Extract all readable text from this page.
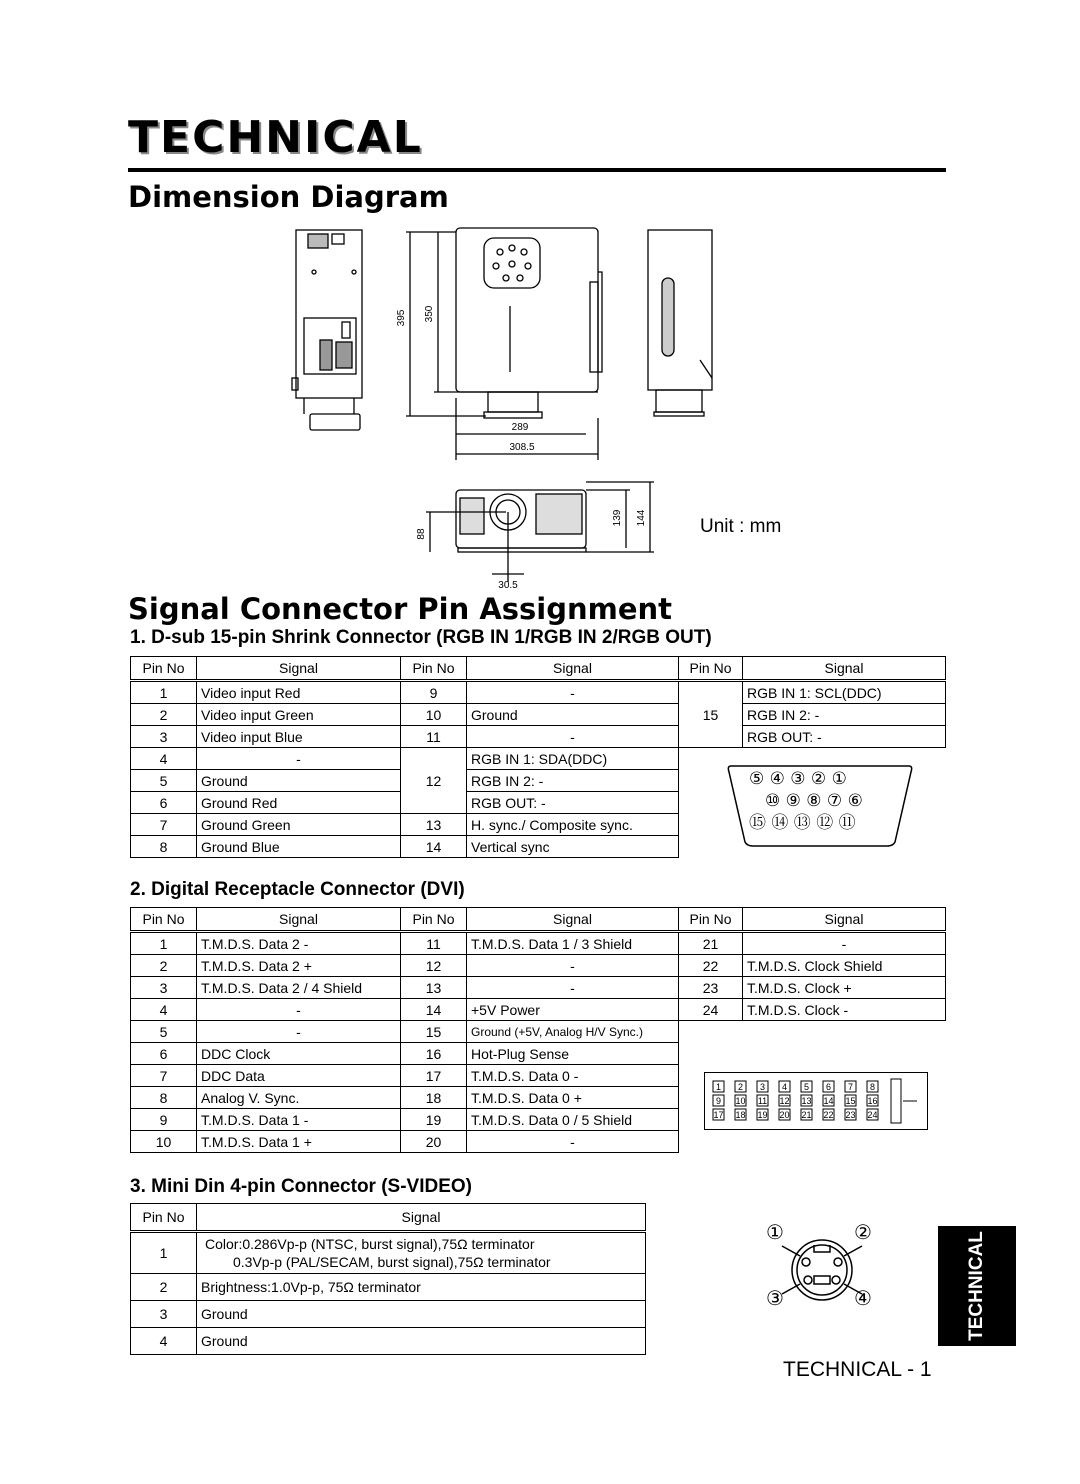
TECHNICAL
Dimension Diagram
395 350
289
308.5
88
139 144
30.5
Unit : mm
Signal Connector Pin Assignment
1. D-sub 15-pin Shrink Connector (RGB IN 1/RGB IN 2/RGB OUT)
Pin No	Signal	Pin No	Signal	Pin No	Signal
1	Video input Red	9	-	15	RGB IN 1: SCL(DDC)
2	Video input Green	10	Ground		RGB IN 2: -
3	Video input Blue	11	-		RGB OUT: -
4	-	12	RGB IN 1: SDA(DDC)	⑤ ④ ③ ② ①
⑩ ⑨ ⑧ ⑦ ⑥
⑮ ⑭ ⑬ ⑫ ⑪	

5	Ground		RGB IN 2: -		
6	Ground Red		RGB OUT: -		
7	Ground Green	13	H. sync./ Composite sync.		
8	Ground Blue	14	Vertical sync		
2. Digital Receptacle Connector (DVI)
Pin No	Signal	Pin No	Signal	Pin No	Signal
1	T.M.D.S. Data 2 -	11	T.M.D.S. Data 1 / 3 Shield	21	-
2	T.M.D.S. Data 2 +	12	-	22	T.M.D.S. Clock Shield
3	T.M.D.S. Data 2 / 4 Shield	13	-	23	T.M.D.S. Clock +
4	-	14	+5V Power	24	T.M.D.S. Clock -
5	-	15	Ground (+5V, Analog H/V Sync.)		
6	DDC Clock	16	Hot-Plug Sense		
7	DDC Data	17	T.M.D.S. Data 0 -		
8	Analog V. Sync.	18	T.M.D.S. Data 0 +		
9	T.M.D.S. Data 1 -	19	T.M.D.S. Data 0 / 5 Shield		
10	T.M.D.S. Data 1 +	20	-		
1 2 3 4 5 6 7 8
9 10 11 12 13 14 15 16
17 18 19 20 21 22 23 24
3. Mini Din 4-pin Connector (S-VIDEO)
Pin No	Signal
1	Color:0.286Vp-p (NTSC, burst signal),75Ω terminator
0.3Vp-p (PAL/SECAM, burst signal),75Ω terminator

2	Brightness:1.0Vp-p, 75Ω terminator
3	Ground
4	Ground
①	②
③	④	TECHNICAL
TECHNICAL - 1
